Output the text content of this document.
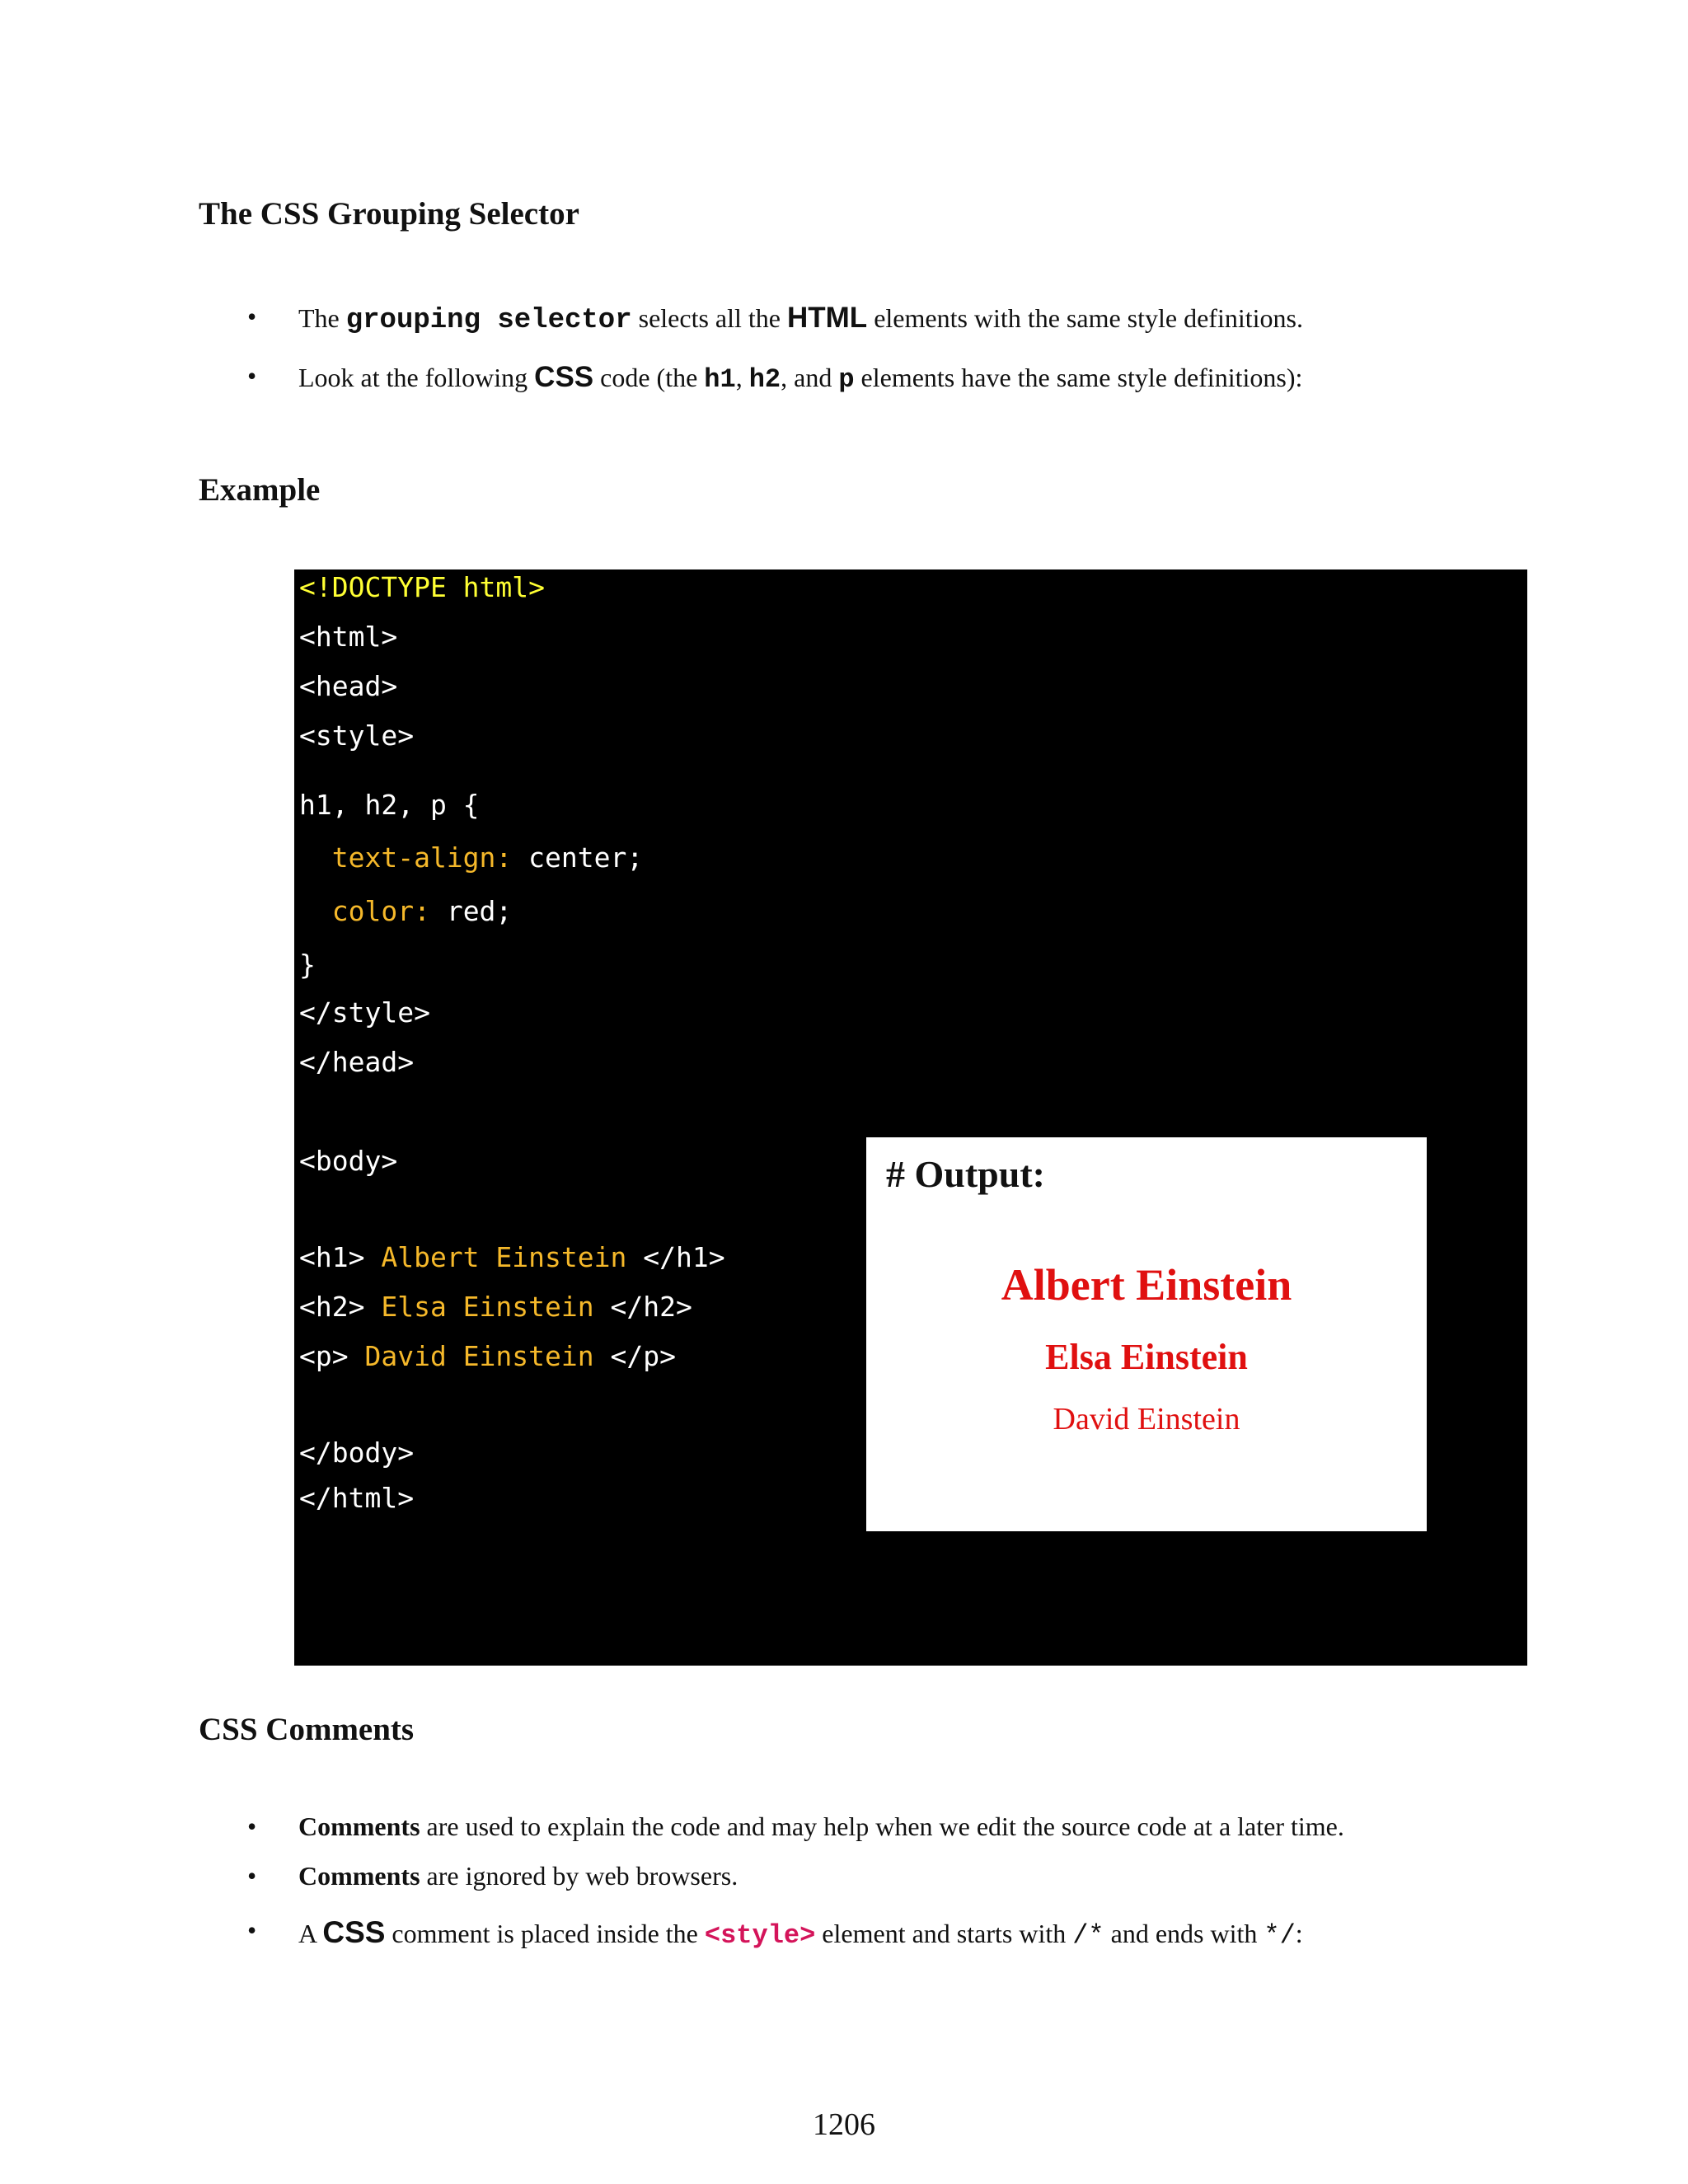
The CSS Grouping Selector
• The grouping selector selects all the HTML elements with the same style definitions.
• Look at the following CSS code (the h1, h2, and p elements have the same style definitions):
Example
<!DOCTYPE html>
<html>
<head>
<style>
h1, h2, p {
text-align: center;
color: red;
}
</style>
</head>
<body>
<h1> Albert Einstein </h1>
<h2> Elsa Einstein </h2>
<p> David Einstein </p>
</body>
</html>
# Output:
Albert Einstein
Elsa Einstein
David Einstein
CSS Comments
• Comments are used to explain the code and may help when we edit the source code at a later time.
• Comments are ignored by web browsers.
• A CSS comment is placed inside the <style> element and starts with /* and ends with */:
1206
